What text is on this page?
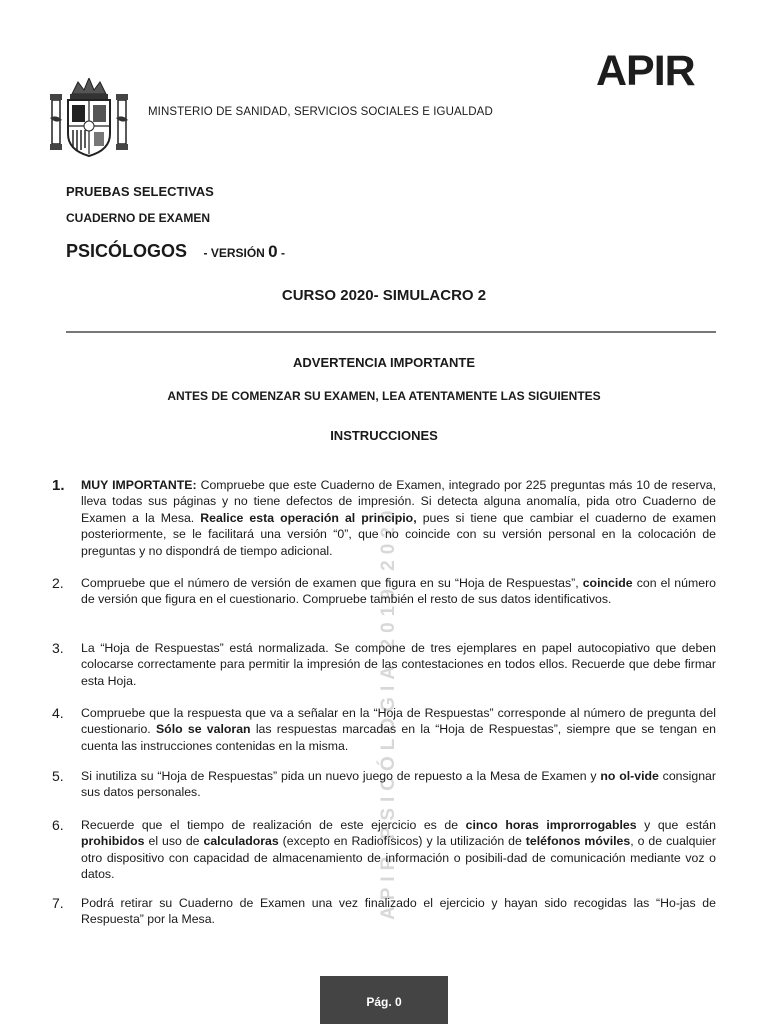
MINSTERIO DE SANIDAD, SERVICIOS SOCIALES E IGUALDAD
APIR
PRUEBAS SELECTIVAS
CUADERNO DE EXAMEN
PSICÓLOGOS - VERSIÓN 0 -
CURSO 2020- SIMULACRO 2
APIR PSICÓLOGIA 2019-2020
ADVERTENCIA IMPORTANTE
ANTES DE COMENZAR SU EXAMEN, LEA ATENTAMENTE LAS SIGUIENTES
INSTRUCCIONES
1. MUY IMPORTANTE: Compruebe que este Cuaderno de Examen, integrado por 225 preguntas más 10 de reserva, lleva todas sus páginas y no tiene defectos de impresión. Si detecta alguna anomalía, pida otro Cuaderno de Examen a la Mesa. Realice esta operación al principio, pues si tiene que cambiar el cuaderno de examen posteriormente, se le facilitará una versión “0”, que no coincide con su versión personal en la colocación de preguntas y no dispondrá de tiempo adicional.
2. Compruebe que el número de versión de examen que figura en su “Hoja de Respuestas”, coincide con el número de versión que figura en el cuestionario. Compruebe también el resto de sus datos identificativos.
3. La “Hoja de Respuestas” está normalizada. Se compone de tres ejemplares en papel autocopiativo que deben colocarse correctamente para permitir la impresión de las contestaciones en todos ellos. Recuerde que debe firmar esta Hoja.
4. Compruebe que la respuesta que va a señalar en la “Hoja de Respuestas” corresponde al número de pregunta del cuestionario. Sólo se valoran las respuestas marcadas en la “Hoja de Respuestas”, siempre que se tengan en cuenta las instrucciones contenidas en la misma.
5. Si inutiliza su “Hoja de Respuestas” pida un nuevo juego de repuesto a la Mesa de Examen y no ol-vide consignar sus datos personales.
6. Recuerde que el tiempo de realización de este ejercicio es de cinco horas improrrogables y que están prohibidos el uso de calculadoras (excepto en Radiofísicos) y la utilización de teléfonos móviles, o de cualquier otro dispositivo con capacidad de almacenamiento de información o posibili-dad de comunicación mediante voz o datos.
7. Podrá retirar su Cuaderno de Examen una vez finalizado el ejercicio y hayan sido recogidas las “Ho-jas de Respuesta” por la Mesa.
Pág. 0
